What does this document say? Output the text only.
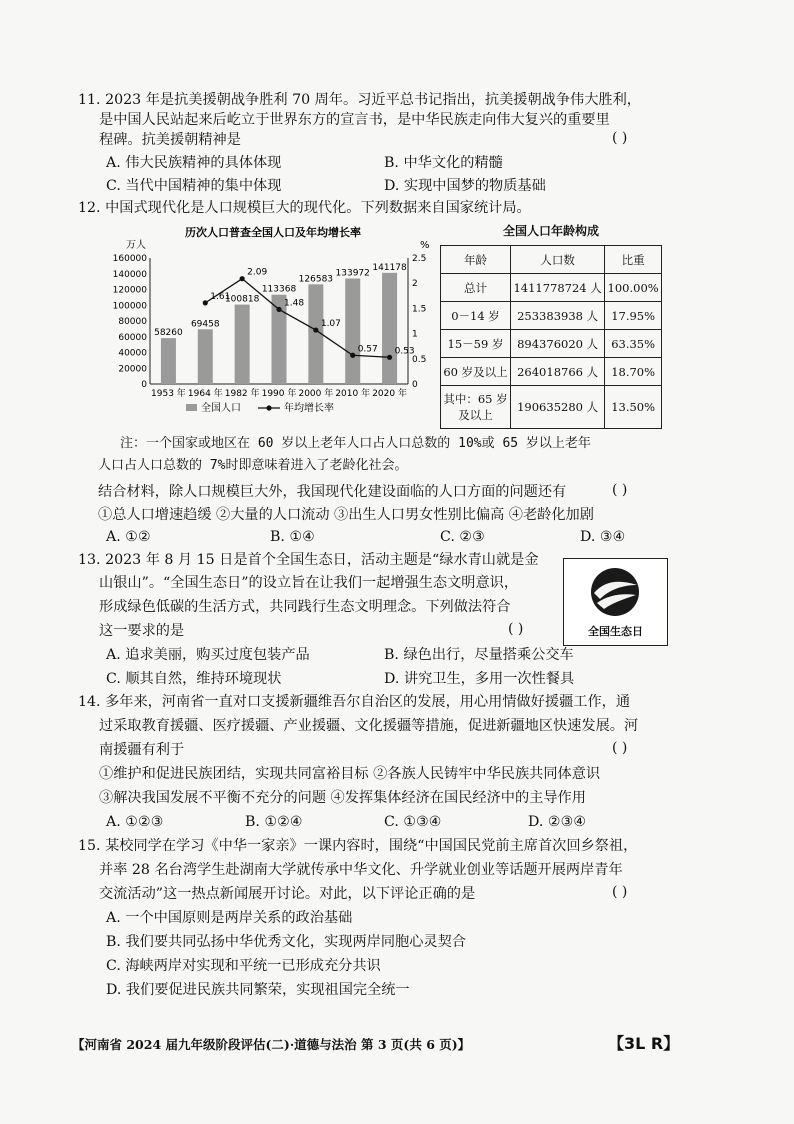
11. 2023 年是抗美援朝战争胜利 70 周年。习近平总书记指出，抗美援朝战争伟大胜利，
是中国人民站起来后屹立于世界东方的宣言书，是中华民族走向伟大复兴的重要里
程碑。抗美援朝精神是	( )
A. 伟大民族精神的具体体现	B. 中华文化的精髓
C. 当代中国精神的集中体现	D. 实现中国梦的物质基础
12. 中国式现代化是人口规模巨大的现代化。下列数据来自国家统计局。
历次人口普查全国人口及年均增长率
万人	%
0
20000
40000
60000
80000
100000
120000
140000
160000
0
0.5
1
1.5
2
2.5
58260
1953 年
69458
1964 年
100818
1982 年
113368
1990 年
126583
2000 年
133972
2010 年
141178
2020 年
1.61
2.09
1.48
1.07
0.57 0.53
全国人口	年均增长率
全国人口年龄构成
年龄	人口数	比重
总计	1411778724 人	100.00%
0－14 岁	253383938 人	17.95%
15－59 岁	894376020 人	63.35%
60 岁及以上	264018766 人	18.70%
其中：65 岁
及以上	190635280 人	13.50%
注：一个国家或地区在 60 岁以上老年人口占人口总数的 10%或 65 岁以上老年
人口占人口总数的 7%时即意味着进入了老龄化社会。
结合材料，除人口规模巨大外，我国现代化建设面临的人口方面的问题还有	( )
①总人口增速趋缓 ②大量的人口流动 ③出生人口男女性别比偏高 ④老龄化加剧
A. ①②	B. ①④	C. ②③	D. ③④
13. 2023 年 8 月 15 日是首个全国生态日，活动主题是“绿水青山就是金
山银山”。“全国生态日”的设立旨在让我们一起增强生态文明意识，
形成绿色低碳的生活方式，共同践行生态文明理念。下列做法符合
这一要求的是	( )	全国生态日
A. 追求美丽，购买过度包装产品	B. 绿色出行，尽量搭乘公交车
C. 顺其自然，维持环境现状	D. 讲究卫生，多用一次性餐具
14. 多年来，河南省一直对口支援新疆维吾尔自治区的发展，用心用情做好援疆工作，通
过采取教育援疆、医疗援疆、产业援疆、文化援疆等措施，促进新疆地区快速发展。河
南援疆有利于	( )
①维护和促进民族团结，实现共同富裕目标 ②各族人民铸牢中华民族共同体意识
③解决我国发展不平衡不充分的问题 ④发挥集体经济在国民经济中的主导作用
A. ①②③	B. ①②④	C. ①③④	D. ②③④
15. 某校同学在学习《中华一家亲》一课内容时，围绕“中国国民党前主席首次回乡祭祖，
并率 28 名台湾学生赴湖南大学就传承中华文化、升学就业创业等话题开展两岸青年
交流活动”这一热点新闻展开讨论。对此，以下评论正确的是	( )
A. 一个中国原则是两岸关系的政治基础
B. 我们要共同弘扬中华优秀文化，实现两岸同胞心灵契合
C. 海峡两岸对实现和平统一已形成充分共识
D. 我们要促进民族共同繁荣，实现祖国完全统一
【河南省 2024 届九年级阶段评估(二)·道德与法治 第 3 页(共 6 页)】	【3L R】
